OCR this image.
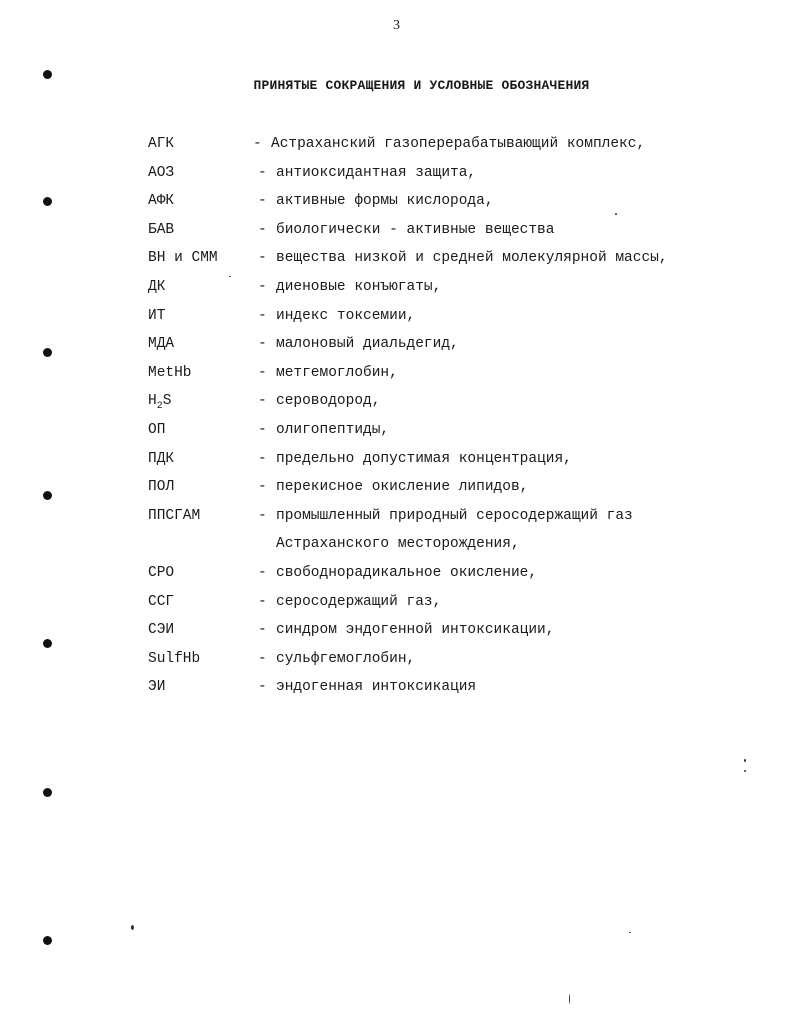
3
ПРИНЯТЫЕ СОКРАЩЕНИЯ И УСЛОВНЫЕ ОБОЗНАЧЕНИЯ
АГК	- Астраханский газоперерабатывающий комплекс,
АОЗ	- антиоксидантная защита,
АФК	- активные формы кислорода,
БАВ	- биологически - активные вещества
ВН и СММ	- вещества низкой и средней молекулярной массы,
ДК	- диеновые конъюгаты,
ИТ	- индекс токсемии,
МДА	- малоновый диальдегид,
MetHb	- метгемоглобин,
$H_2S$	- сероводород,
ОП	- олигопептиды,
ПДК	- предельно допустимая концентрация,
ПОЛ	- перекисное окисление липидов,
ППСГАМ	- промышленный природный серосодержащий газ
Астраханского месторождения,
СРО	- свободнорадикальное окисление,
ССГ	- серосодержащий газ,
СЭИ	- синдром эндогенной интоксикации,
SulfHb	- сульфгемоглобин,
ЭИ	- эндогенная интоксикация
